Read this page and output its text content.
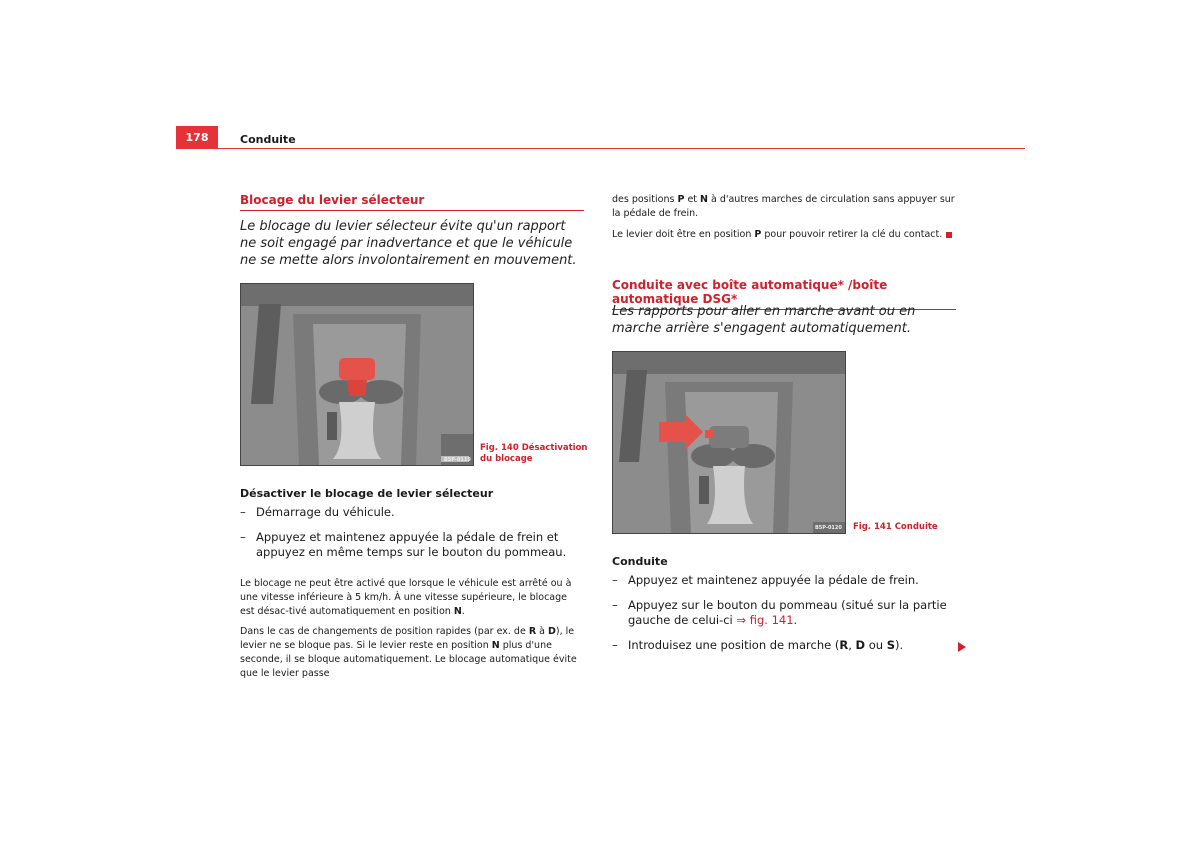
178	Conduite
Blocage du levier sélecteur
Le blocage du levier sélecteur évite qu'un rapport ne soit engagé par inadvertance et que le véhicule ne se mette alors involontairement en mouvement.
B5P-0119
Fig. 140 Désactivation
du blocage
Désactiver le blocage de levier sélecteur
– Démarrage du véhicule.
– Appuyez et maintenez appuyée la pédale de frein et appuyez en même temps sur le bouton du pommeau.
Le blocage ne peut être activé que lorsque le véhicule est arrêté ou à une vitesse inférieure à 5 km/h. À une vitesse supérieure, le blocage est désac-tivé automatiquement en position N.
Dans le cas de changements de position rapides (par ex. de R à D), le levier ne se bloque pas. Si le levier reste en position N plus d'une seconde, il se bloque automatiquement. Le blocage automatique évite que le levier passe
des positions P et N à d'autres marches de circulation sans appuyer sur la pédale de frein.
Le levier doit être en position P pour pouvoir retirer la clé du contact.
Conduite avec boîte automatique* /boîte automatique DSG*
Les rapports pour aller en marche avant ou en marche arrière s'engagent automatiquement.
B5P-0120 Fig. 141 Conduite
Conduite
– Appuyez et maintenez appuyée la pédale de frein.
– Appuyez sur le bouton du pommeau (situé sur la partie gauche de celui-ci ⇒ fig. 141.
– Introduisez une position de marche (R, D ou S).
